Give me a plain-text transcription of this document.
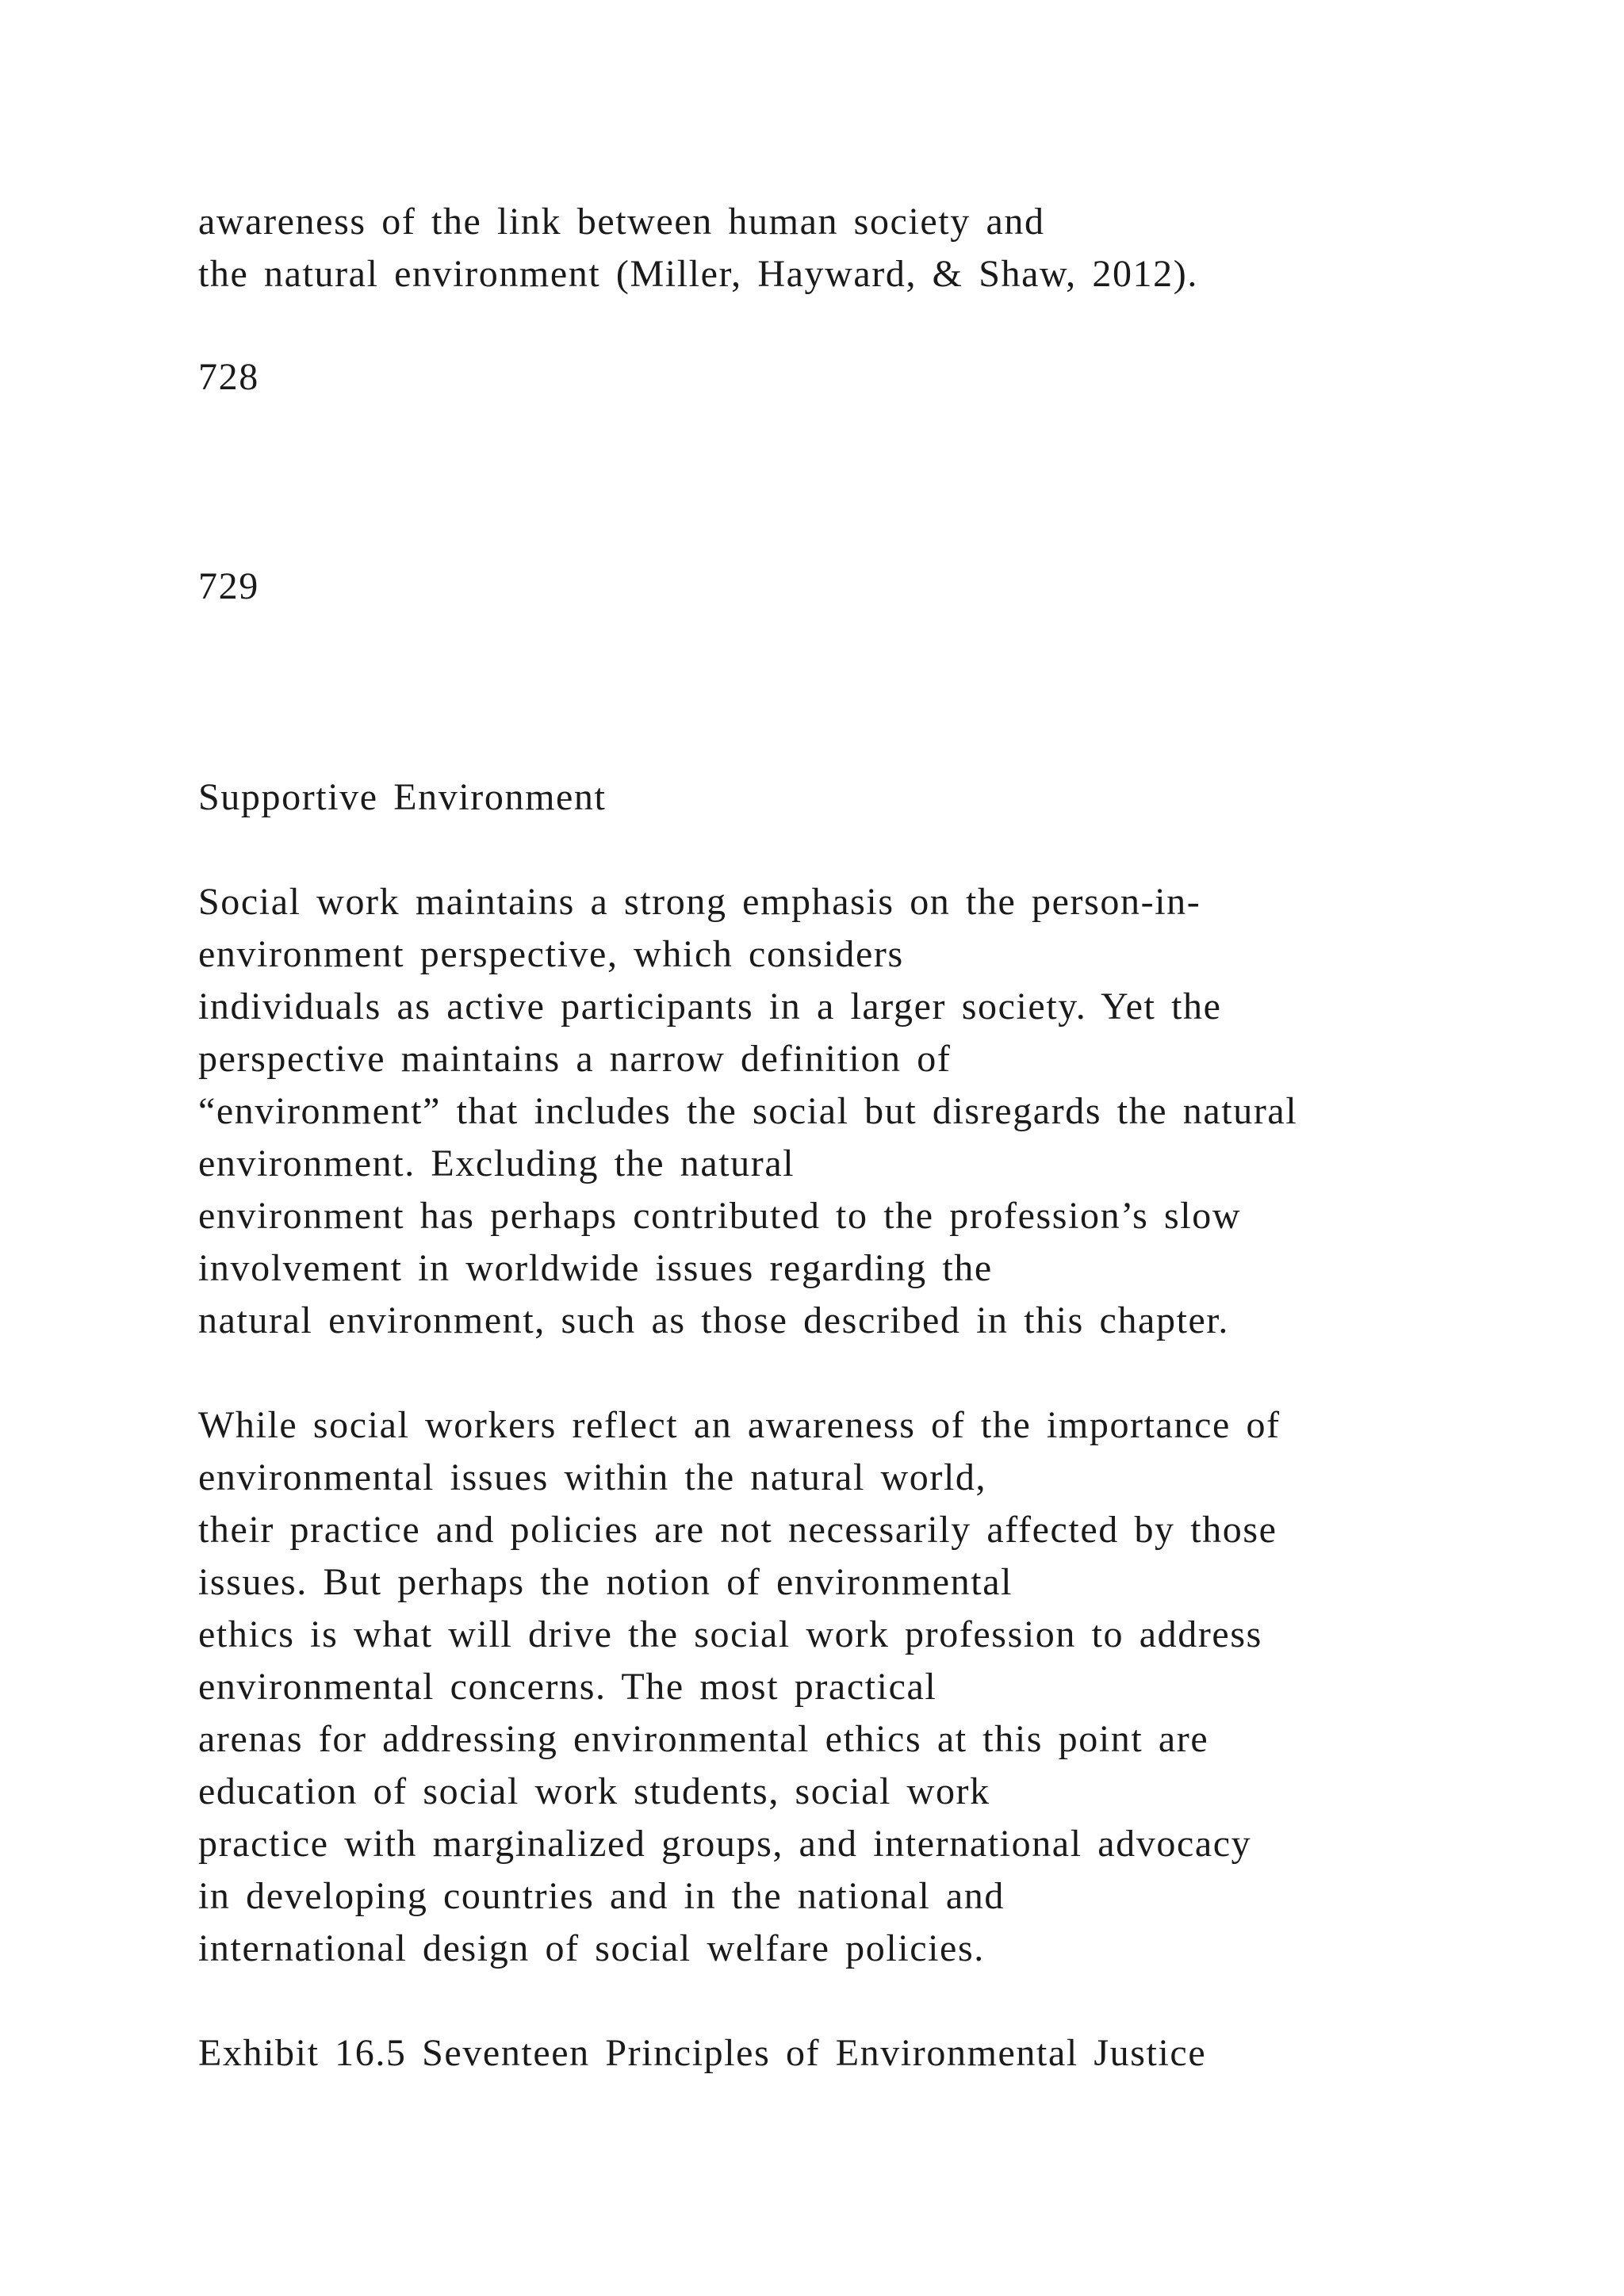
awareness of the link between human society and
the natural environment (Miller, Hayward, & Shaw, 2012).
728
729
Supportive Environment
Social work maintains a strong emphasis on the person-in-
environment perspective, which considers
individuals as active participants in a larger society. Yet the
perspective maintains a narrow definition of
“environment” that includes the social but disregards the natural
environment. Excluding the natural
environment has perhaps contributed to the profession’s slow
involvement in worldwide issues regarding the
natural environment, such as those described in this chapter.
While social workers reflect an awareness of the importance of
environmental issues within the natural world,
their practice and policies are not necessarily affected by those
issues. But perhaps the notion of environmental
ethics is what will drive the social work profession to address
environmental concerns. The most practical
arenas for addressing environmental ethics at this point are
education of social work students, social work
practice with marginalized groups, and international advocacy
in developing countries and in the national and
international design of social welfare policies.
Exhibit 16.5 Seventeen Principles of Environmental Justice
